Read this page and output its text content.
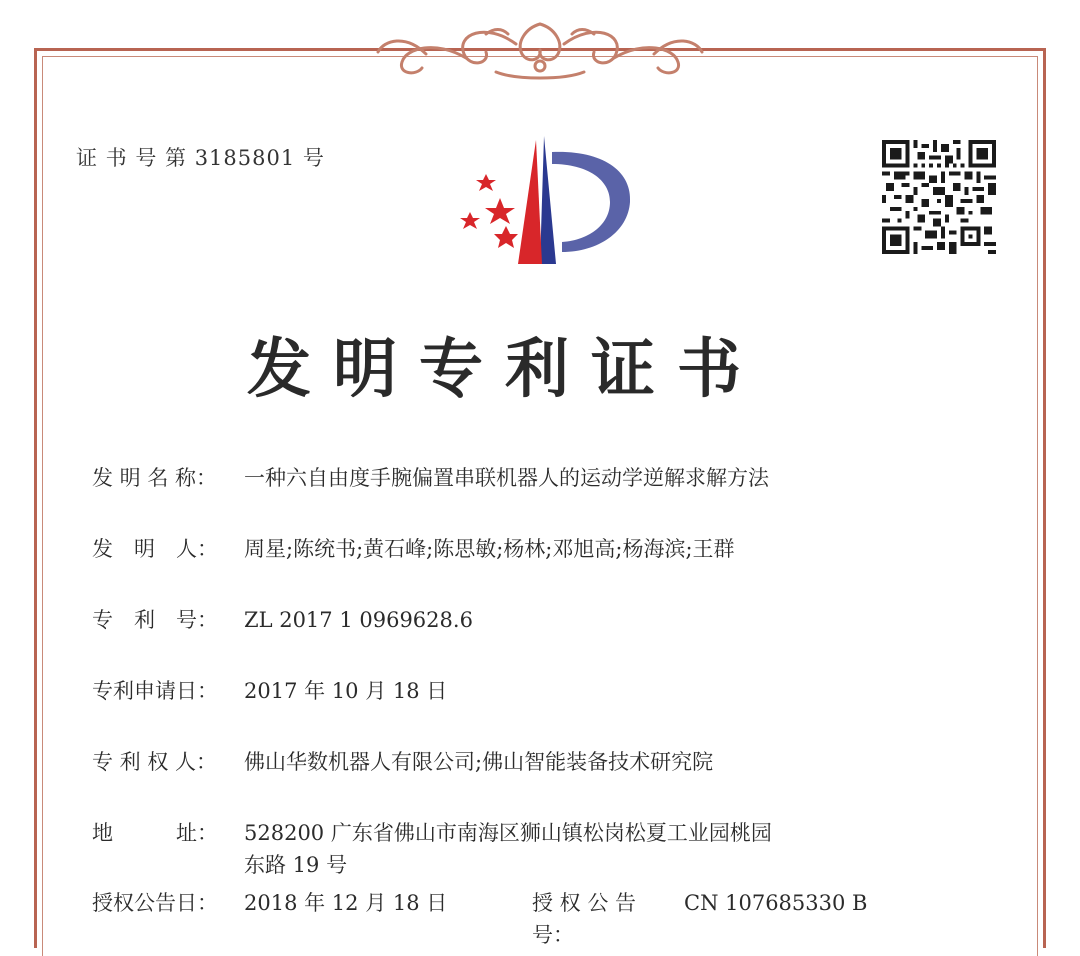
证 书 号 第 3185801 号
发明专利证书
发 明 名 称： 一种六自由度手腕偏置串联机器人的运动学逆解求解方法
发　明　人： 周星;陈统书;黄石峰;陈思敏;杨林;邓旭高;杨海滨;王群
专　利　号： ZL 2017 1 0969628.6
专利申请日： 2017 年 10 月 18 日
专 利 权 人： 佛山华数机器人有限公司;佛山智能装备技术研究院
地　　　址： 528200 广东省佛山市南海区狮山镇松岗松夏工业园桃园
东路 19 号
授权公告日： 2018 年 12 月 18 日	授 权 公 告 号：CN 107685330 B
